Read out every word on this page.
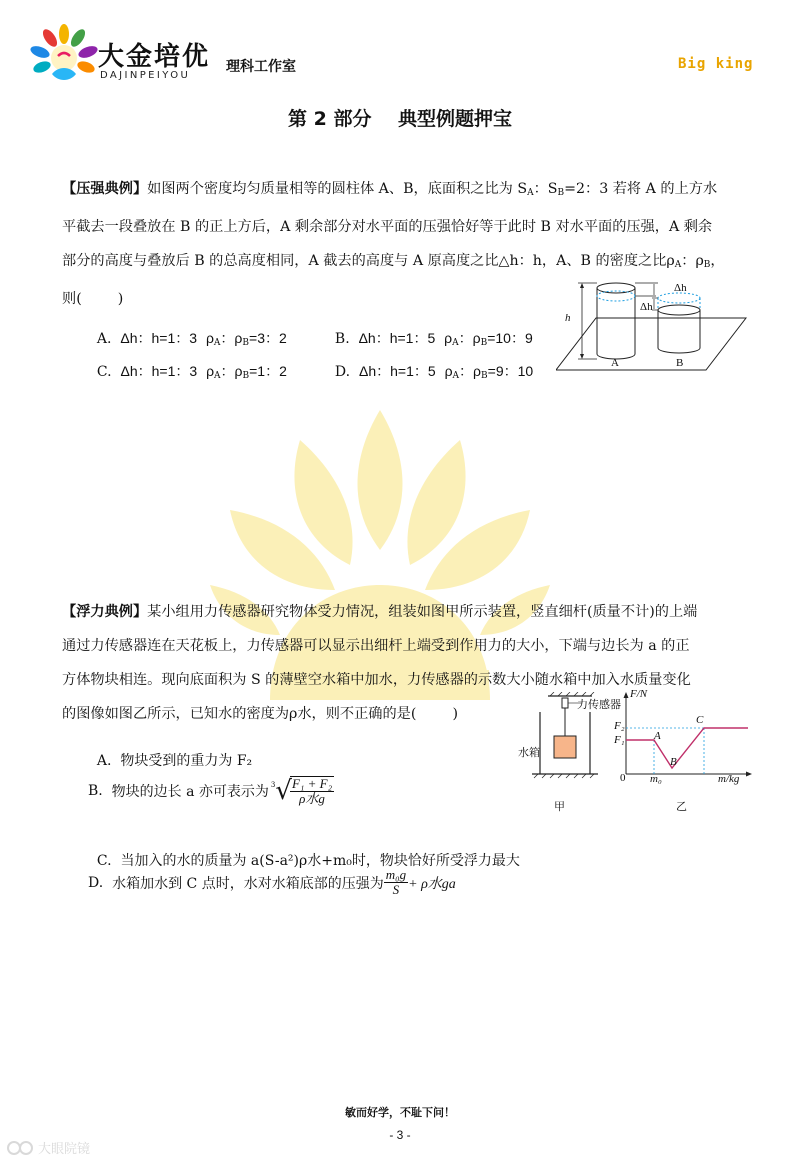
大金培优
DAJINPEIYOU
理科工作室	Big king
第 2 部分    典型例题押宝
【压强典例】如图两个密度均匀质量相等的圆柱体 A、B，底面积之比为 $S_A$：$S_B=2$：3 若将 A 的上方水
平截去一段叠放在 B 的正上方后，A 剩余部分对水平面的压强恰好等于此时 B 对水平面的压强，A 剩余
部分的高度与叠放后 B 的总高度相同，A 截去的高度与 A 原高度之比△h：h，A、B 的密度之比$\rho_A$：$\rho_B$，
则(        )

A. Δh：h=1：3 $\rho_A$：$\rho_B=3$：2	B. Δh：h=1：5 $\rho_A$：$\rho_B=10$：9

C. Δh：h=1：3 $\rho_A$：$\rho_B=1$：2	D. Δh：h=1：5 $\rho_A$：$\rho_B=9$：10

h
Δh
Δh
A	B
【浮力典例】某小组用力传感器研究物体受力情况，组装如图甲所示装置，竖直细杆(质量不计)的上端
通过力传感器连在天花板上，力传感器可以显示出细杆上端受到作用力的大小，下端与边长为 a 的正
方体物块相连。现向底面积为 S 的薄壁空水箱中加水，力传感器的示数大小随水箱中加入水质量变化
的图像如图乙所示，已知水的密度为ρ水，则不正确的是(        )

A. 物块受到的重力为 F₂

B.
物块的边长 a 亦可表示为 3 √
$\frac{\text{F₁ + F₂}}{\text{ρ水g}}$

C. 当加入的水的质量为 a(S-a²)ρ水+m₀时，物块恰好所受浮力最大

D.
水箱加水到 C 点时，水对水箱底部的压强为 $\frac{\text{m₀g}}{S} + \rho$水ga
力传感器
水箱
甲
F/N
F₂
F₁
0 m₀	m/kg
A
B
C
乙
敏而好学，不耻下问！
- 3 -
大眼院镜
